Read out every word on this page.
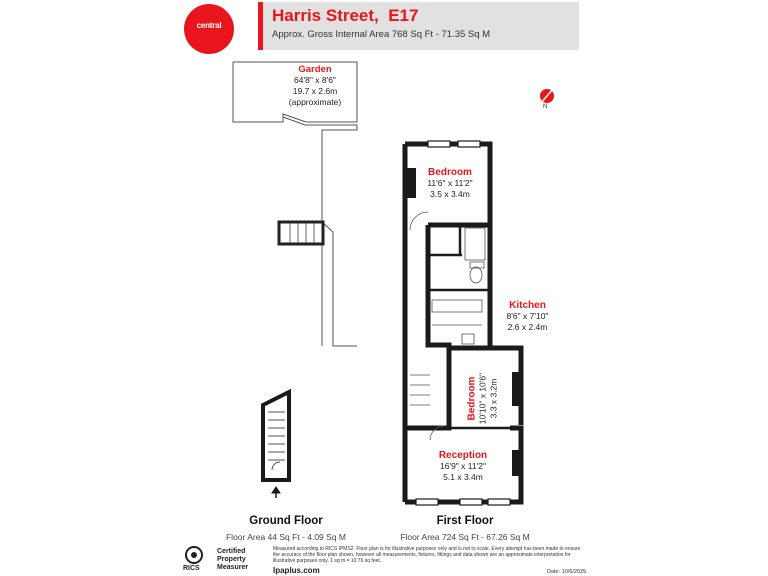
central
Harris Street,  E17
Approx. Gross Internal Area 768 Sq Ft - 71.35 Sq M
N
Garden
64'8" x 8'6"
19.7 x 2.6m
(approximate)
Bedroom
11'6" x 11'2"
3.5 x 3.4m
Kitchen
8'6" x 7'10"
2.6 x 2.4m
Bedroom 10'10" x 10'6" 3.3 x 3.2m
Reception
16'9" x 11'2"
5.1 x 3.4m
Ground Floor
Floor Area 44 Sq Ft - 4.09 Sq M
First Floor
Floor Area 724 Sq Ft - 67.26 Sq M
RICS
Certified
Property
Measurer
Measured according to RICS IPMS2. Floor plan is for illustrative purposes only and is not to scale. Every attempt has been made to ensure the accuracy of the floor plan shown, however all measurements, fixtures, fittings and data shown are an approximate interpretation for illustrative purposes only. 1 sq m = 10.76 sq feet.
lpaplus.com	Date: 10/6/2025
